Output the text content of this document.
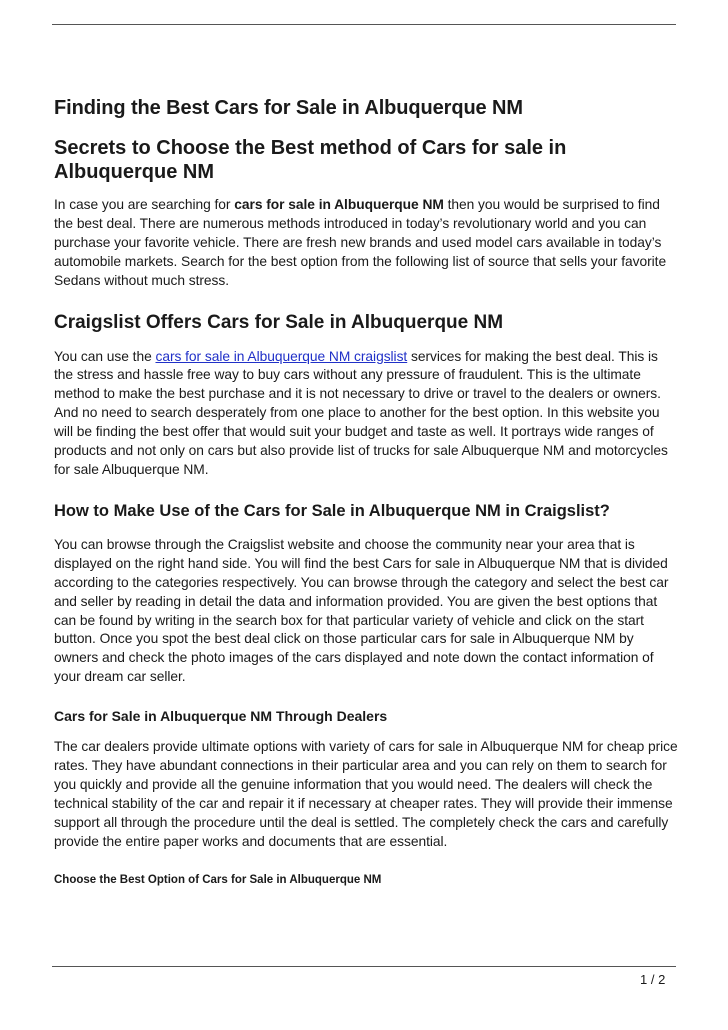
Finding the Best Cars for Sale in Albuquerque NM
Secrets to Choose the Best method of Cars for sale in Albuquerque NM

In case you are searching for cars for sale in Albuquerque NM then you would be surprised to find the best deal. There are numerous methods introduced in today’s revolutionary world and you can purchase your favorite vehicle. There are fresh new brands and used model cars available in today’s automobile markets. Search for the best option from the following list of source that sells your favorite Sedans without much stress.

Craigslist Offers Cars for Sale in Albuquerque NM

You can use the cars for sale in Albuquerque NM craigslist services for making the best deal. This is the stress and hassle free way to buy cars without any pressure of fraudulent. This is the ultimate method to make the best purchase and it is not necessary to drive or travel to the dealers or owners. And no need to search desperately from one place to another for the best option. In this website you will be finding the best offer that would suit your budget and taste as well. It portrays wide ranges of products and not only on cars but also provide list of trucks for sale Albuquerque NM and motorcycles for sale Albuquerque NM.

How to Make Use of the Cars for Sale in Albuquerque NM in Craigslist?

You can browse through the Craigslist website and choose the community near your area that is displayed on the right hand side. You will find the best Cars for sale in Albuquerque NM that is divided according to the categories respectively. You can browse through the category and select the best car and seller by reading in detail the data and information provided. You are given the best options that can be found by writing in the search box for that particular variety of vehicle and click on the start button. Once you spot the best deal click on those particular cars for sale in Albuquerque NM by owners and check the photo images of the cars displayed and note down the contact information of your dream car seller.

Cars for Sale in Albuquerque NM Through Dealers

The car dealers provide ultimate options with variety of cars for sale in Albuquerque NM for cheap price rates. They have abundant connections in their particular area and you can rely on them to search for you quickly and provide all the genuine information that you would need. The dealers will check the technical stability of the car and repair it if necessary at cheaper rates. They will provide their immense support all through the procedure until the deal is settled. The completely check the cars and carefully provide the entire paper works and documents that are essential.

Choose the Best Option of Cars for Sale in Albuquerque NM
1 / 2
